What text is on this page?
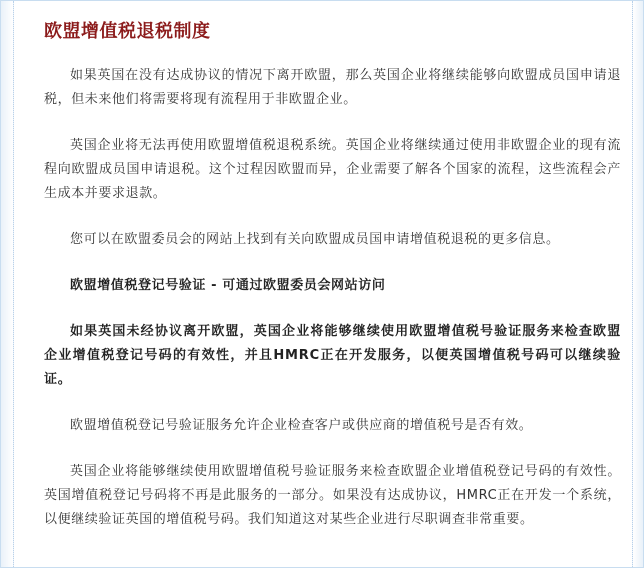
欧盟增值税退税制度

如果英国在没有达成协议的情况下离开欧盟，那么英国企业将继续能够向欧盟成员国申请退税，但未来他们将需要将现有流程用于非欧盟企业。

英国企业将无法再使用欧盟增值税退税系统。英国企业将继续通过使用非欧盟企业的现有流程向欧盟成员国申请退税。这个过程因欧盟而异，企业需要了解各个国家的流程，这些流程会产生成本并要求退款。

您可以在欧盟委员会的网站上找到有关向欧盟成员国申请增值税退税的更多信息。

欧盟增值税登记号验证 - 可通过欧盟委员会网站访问

如果英国未经协议离开欧盟，英国企业将能够继续使用欧盟增值税号验证服务来检查欧盟企业增值税登记号码的有效性，并且HMRC正在开发服务，以便英国增值税号码可以继续验证。

欧盟增值税登记号验证服务允许企业检查客户或供应商的增值税号是否有效。

英国企业将能够继续使用欧盟增值税号验证服务来检查欧盟企业增值税登记号码的有效性。英国增值税登记号码将不再是此服务的一部分。如果没有达成协议，HMRC正在开发一个系统，以便继续验证英国的增值税号码。我们知道这对某些企业进行尽职调查非常重要。
